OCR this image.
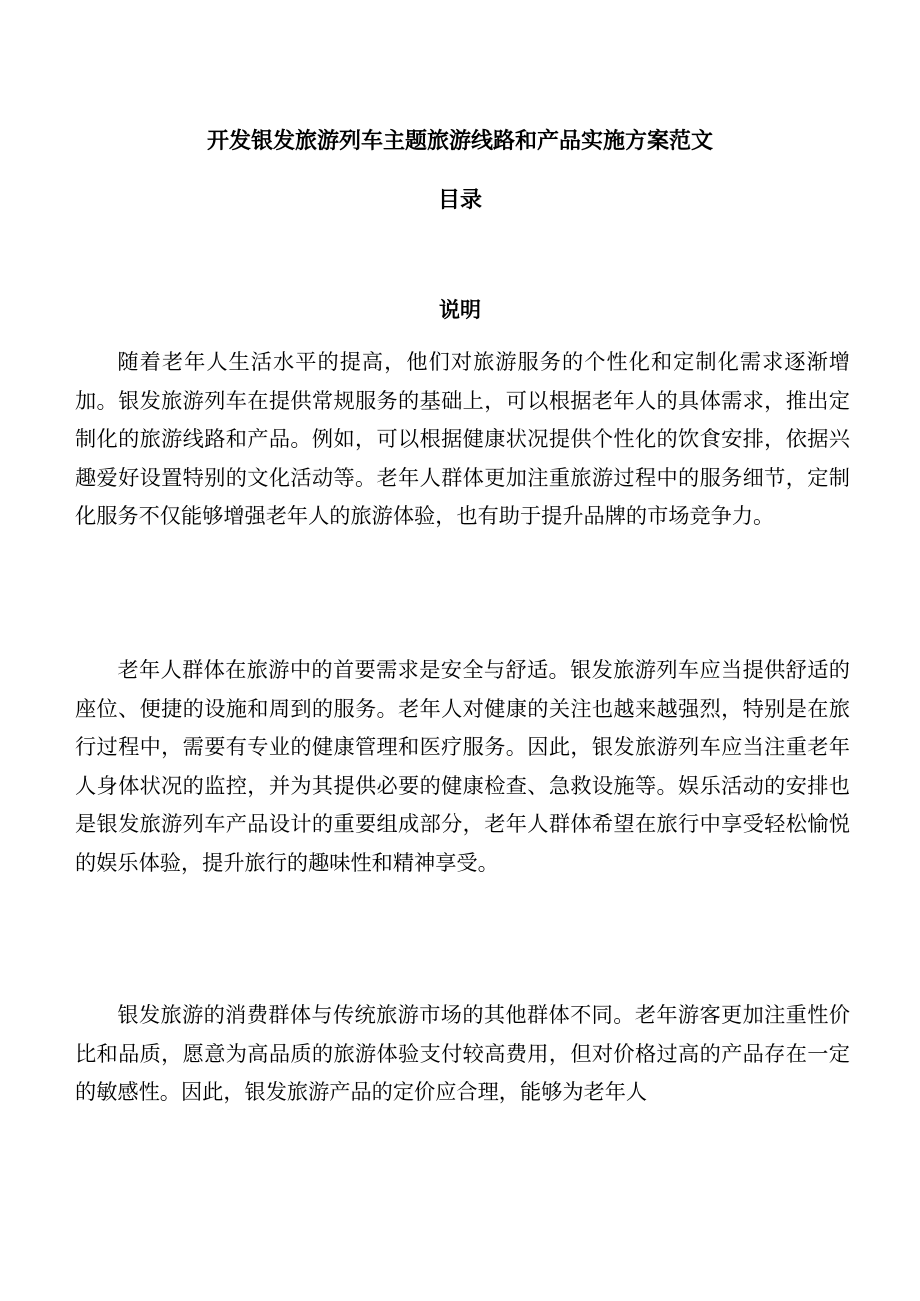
开发银发旅游列车主题旅游线路和产品实施方案范文
目录
说明

随着老年人生活水平的提高，他们对旅游服务的个性化和定制化需求逐渐增加。银发旅游列车在提供常规服务的基础上，可以根据老年人的具体需求，推出定制化的旅游线路和产品。例如，可以根据健康状况提供个性化的饮食安排，依据兴趣爱好设置特别的文化活动等。老年人群体更加注重旅游过程中的服务细节，定制化服务不仅能够增强老年人的旅游体验，也有助于提升品牌的市场竞争力。

老年人群体在旅游中的首要需求是安全与舒适。银发旅游列车应当提供舒适的座位、便捷的设施和周到的服务。老年人对健康的关注也越来越强烈，特别是在旅行过程中，需要有专业的健康管理和医疗服务。因此，银发旅游列车应当注重老年人身体状况的监控，并为其提供必要的健康检查、急救设施等。娱乐活动的安排也是银发旅游列车产品设计的重要组成部分，老年人群体希望在旅行中享受轻松愉悦的娱乐体验，提升旅行的趣味性和精神享受。

银发旅游的消费群体与传统旅游市场的其他群体不同。老年游客更加注重性价比和品质，愿意为高品质的旅游体验支付较高费用，但对价格过高的产品存在一定的敏感性。因此，银发旅游产品的定价应合理，能够为老年人
